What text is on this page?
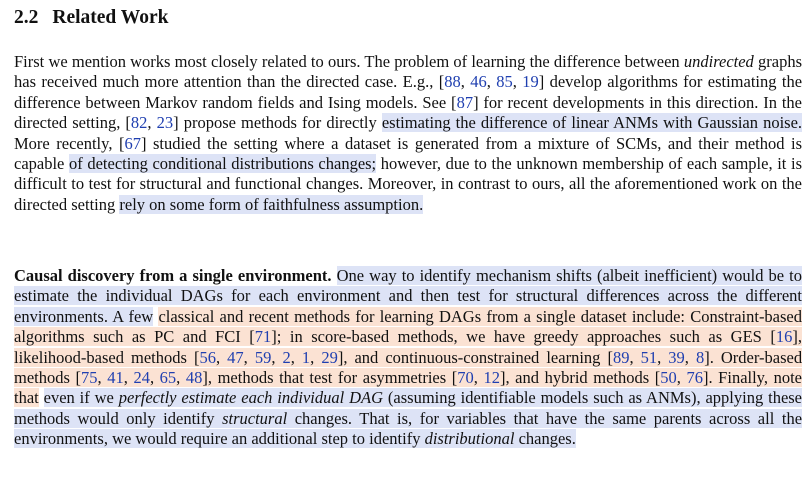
2.2 Related Work

First we mention works most closely related to ours. The problem of learning the difference between undirected graphs has received much more attention than the directed case. E.g., [88, 46, 85, 19] develop algorithms for estimating the difference between Markov random fields and Ising models. See [87] for recent developments in this direction. In the directed setting, [82, 23] propose methods for directly estimating the difference of linear ANMs with Gaussian noise. More recently, [67] studied the setting where a dataset is generated from a mixture of SCMs, and their method is capable of detecting conditional distributions changes; however, due to the unknown membership of each sample, it is difficult to test for structural and functional changes. Moreover, in contrast to ours, all the aforementioned work on the directed setting rely on some form of faithfulness assumption.

Causal discovery from a single environment. One way to identify mechanism shifts (albeit inefficient) would be to estimate the individual DAGs for each environment and then test for structural differences across the different environments. A few classical and recent methods for learning DAGs from a single dataset include: Constraint-based algorithms such as PC and FCI [71]; in score-based methods, we have greedy approaches such as GES [16], likelihood-based methods [56, 47, 59, 2, 1, 29], and continuous-constrained learning [89, 51, 39, 8]. Order-based methods [75, 41, 24, 65, 48], methods that test for asymmetries [70, 12], and hybrid methods [50, 76]. Finally, note that even if we perfectly estimate each individual DAG (assuming identifiable models such as ANMs), applying these methods would only identify structural changes. That is, for variables that have the same parents across all the environments, we would require an additional step to identify distributional changes.
